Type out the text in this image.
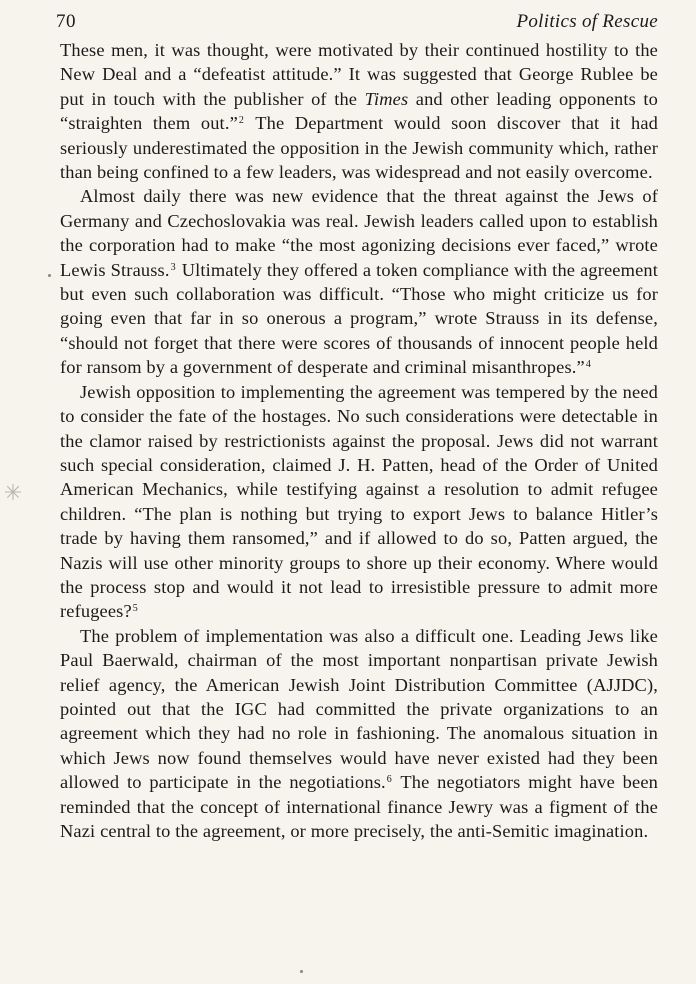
70	Politics of Rescue

These men, it was thought, were motivated by their continued hostility to the New Deal and a “defeatist attitude.” It was suggested that George Rublee be put in touch with the publisher of the Times and other leading opponents to “straighten them out.”$^2$ The Department would soon discover that it had seriously underestimated the opposition in the Jewish community which, rather than being confined to a few leaders, was widespread and not easily overcome.

Almost daily there was new evidence that the threat against the Jews of Germany and Czechoslovakia was real. Jewish leaders called upon to establish the corporation had to make “the most agonizing decisions ever faced,” wrote Lewis Strauss.$^3$ Ultimately they offered a token compliance with the agreement but even such collaboration was difficult. “Those who might criticize us for going even that far in so onerous a program,” wrote Strauss in its defense, “should not forget that there were scores of thousands of innocent people held for ransom by a government of desperate and criminal misanthropes.”$^4$

Jewish opposition to implementing the agreement was tempered by the need to consider the fate of the hostages. No such considerations were detectable in the clamor raised by restrictionists against the proposal. Jews did not warrant such special consideration, claimed J. H. Patten, head of the Order of United American Mechanics, while testifying against a resolution to admit refugee children. “The plan is nothing but trying to export Jews to balance Hitler’s trade by having them ransomed,” and if allowed to do so, Patten argued, the Nazis will use other minority groups to shore up their economy. Where would the process stop and would it not lead to irresistible pressure to admit more refugees?$^5$

The problem of implementation was also a difficult one. Leading Jews like Paul Baerwald, chairman of the most important nonpartisan private Jewish relief agency, the American Jewish Joint Distribution Committee (AJJDC), pointed out that the IGC had committed the private organizations to an agreement which they had no role in fashioning. The anomalous situation in which Jews now found themselves would have never existed had they been allowed to participate in the negotiations.$^6$ The negotiators might have been reminded that the concept of international finance Jewry was a figment of the Nazi central to the agreement, or more precisely, the anti-Semitic imagination.

✳
